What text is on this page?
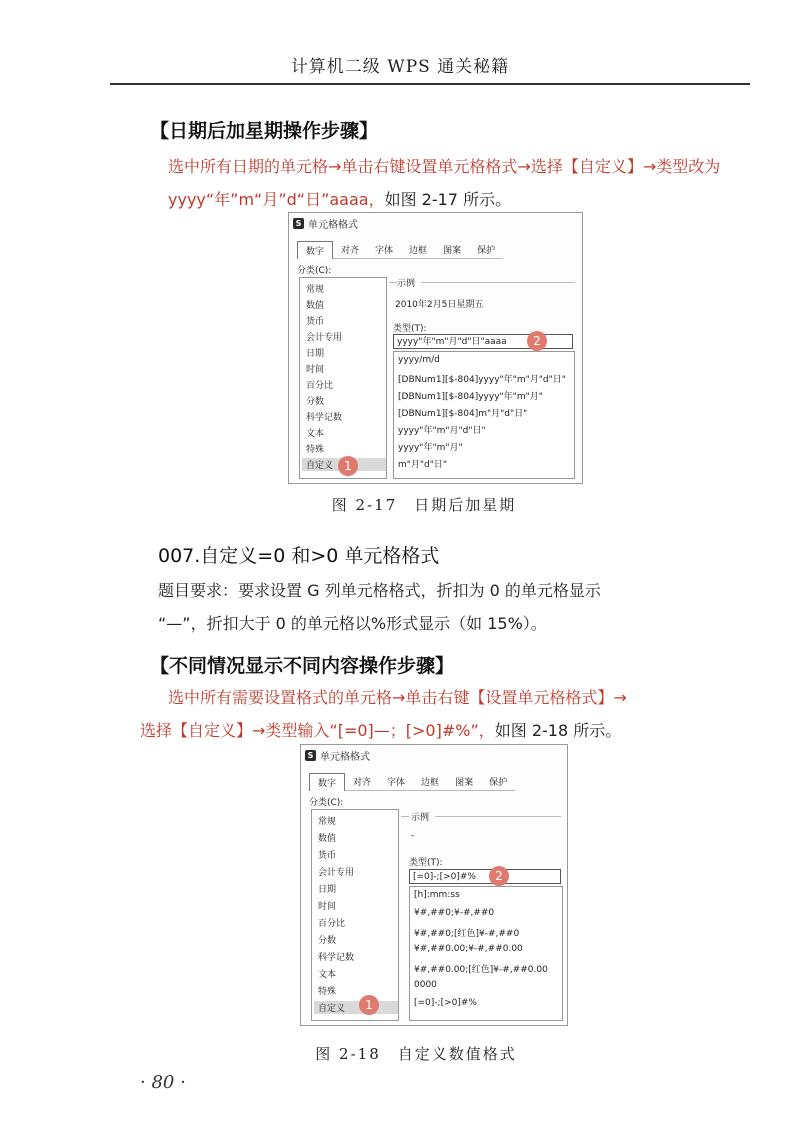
计算机二级 WPS 通关秘籍
【日期后加星期操作步骤】
选中所有日期的单元格→单击右键设置单元格格式→选择【自定义】→类型改为 yyyy“年”m“月”d“日”aaaa，如图 2-17 所示。
S 单元格格式
数字	对齐	字体	边框	图案	保护
分类(C):
常规
数值
货币
会计专用
日期
时间
百分比
分数
科学记数
文本
特殊
自定义 1
示例
2010年2月5日星期五
类型(T):
yyyy"年"m"月"d"日"aaaa	2
yyyy/m/d
[DBNum1][$-804]yyyy"年"m"月"d"日"
[DBNum1][$-804]yyyy"年"m"月"
[DBNum1][$-804]m"月"d"日"
yyyy"年"m"月"d"日"
yyyy"年"m"月"
m"月"d"日"
图 2-17　日期后加星期
007.自定义=0 和>0 单元格格式
题目要求：要求设置 G 列单元格格式，折扣为 0 的单元格显示
“—”，折扣大于 0 的单元格以%形式显示（如 15%）。
【不同情况显示不同内容操作步骤】
选中所有需要设置格式的单元格→单击右键【设置单元格格式】→
选择【自定义】→类型输入“[=0]—；[>0]#%”，如图 2-18 所示。
S 单元格格式
数字	对齐	字体	边框	图案	保护
分类(C):
常规
数值
货币
会计专用
日期
时间
百分比
分数
科学记数
文本
特殊
自定义	1
示例
-
类型(T):
[=0]-;[>0]#%	2
[h]:mm:ss
¥#,##0;¥-#,##0
¥#,##0;[红色]¥-#,##0
¥#,##0.00;¥-#,##0.00
¥#,##0.00;[红色]¥-#,##0.00
0000
[=0]-;[>0]#%
图 2-18　自定义数值格式
· 80 ·
